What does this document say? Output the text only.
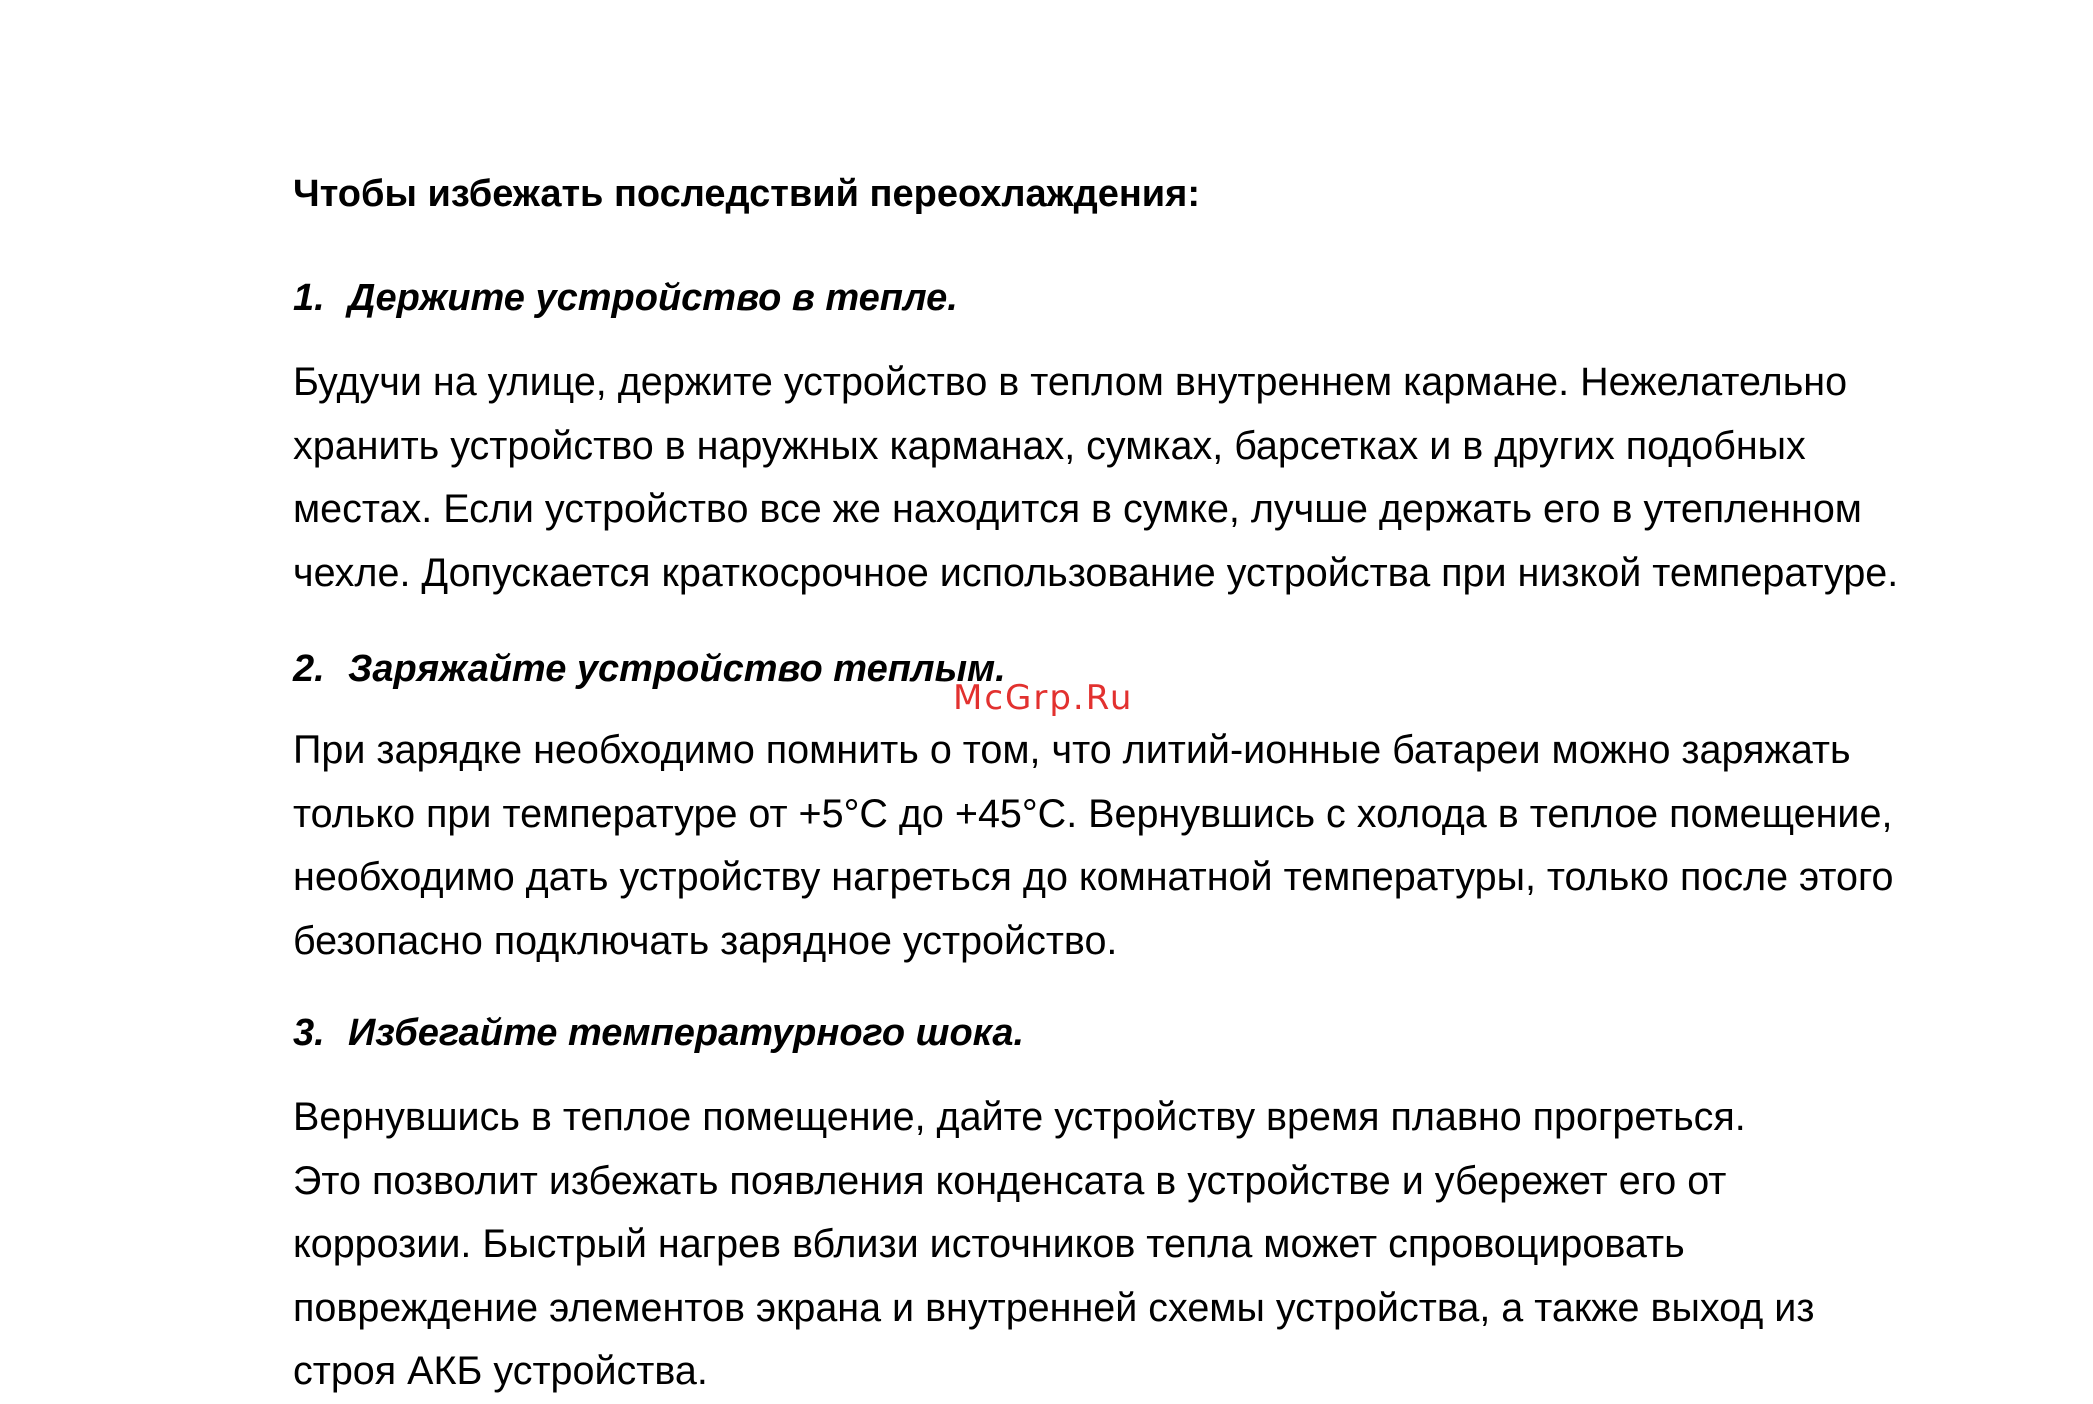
Чтобы избежать последствий переохлаждения:

1. Держите устройство в тепле.

Будучи на улице, держите устройство в теплом внутреннем кармане. Нежелательно
хранить устройство в наружных карманах, сумках, барсетках и в других подобных
местах. Если устройство все же находится в сумке, лучше держать его в утепленном
чехле. Допускается краткосрочное использование устройства при низкой температуре.

2. Заряжайте устройство теплым.

При зарядке необходимо помнить о том, что литий-ионные батареи можно заряжать
только при температуре от +5°С до +45°С. Вернувшись с холода в теплое помещение,
необходимо дать устройству нагреться до комнатной температуры, только после этого
безопасно подключать зарядное устройство.

3. Избегайте температурного шока.

Вернувшись в теплое помещение, дайте устройству время плавно прогреться.
Это позволит избежать появления конденсата в устройстве и убережет его от
коррозии. Быстрый нагрев вблизи источников тепла может спровоцировать
повреждение элементов экрана и внутренней схемы устройства, а также выход из
строя АКБ устройства.
McGrp.Ru
